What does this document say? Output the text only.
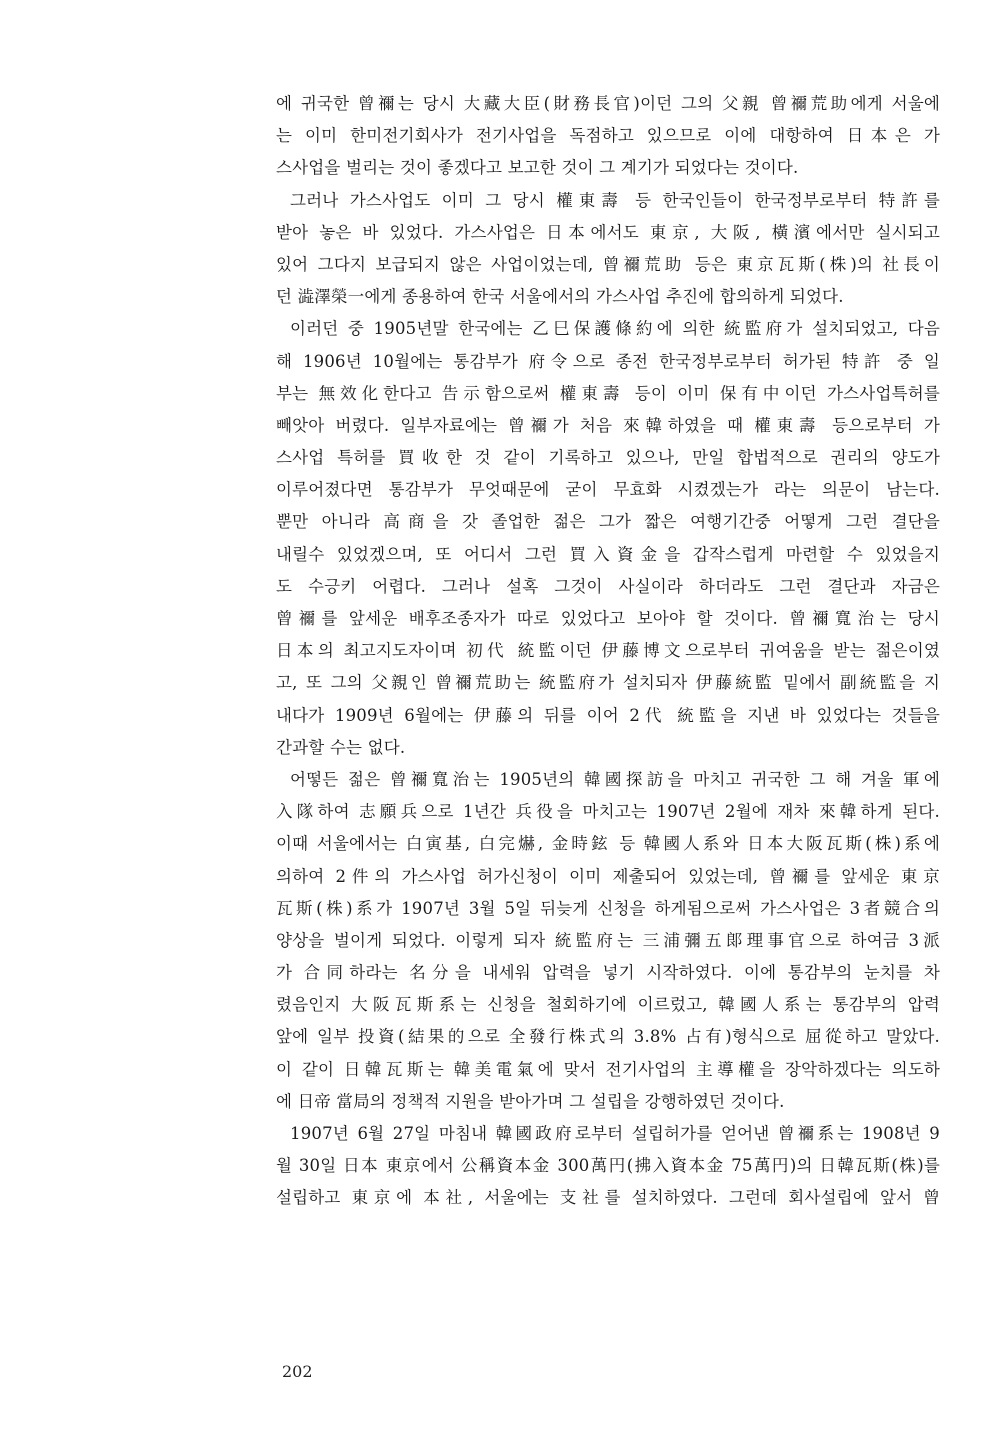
에 귀국한 曾禰는 당시 大藏大臣(財務長官)이던 그의 父親 曾禰荒助에게 서울에
는 이미 한미전기회사가 전기사업을 독점하고 있으므로 이에 대항하여 日本은 가
스사업을 벌리는 것이 좋겠다고 보고한 것이 그 계기가 되었다는 것이다.
그러나 가스사업도 이미 그 당시 權東壽 등 한국인들이 한국정부로부터 特許를
받아 놓은 바 있었다. 가스사업은 日本에서도 東京, 大阪, 橫濱에서만 실시되고
있어 그다지 보급되지 않은 사업이었는데, 曾禰荒助 등은 東京瓦斯(株)의 社長이
던 澁澤榮一에게 종용하여 한국 서울에서의 가스사업 추진에 합의하게 되었다.
이러던 중 1905년말 한국에는 乙巳保護條約에 의한 統監府가 설치되었고, 다음
해 1906년 10월에는 통감부가 府令으로 종전 한국정부로부터 허가된 特許 중 일
부는 無效化한다고 告示함으로써 權東壽 등이 이미 保有中이던 가스사업특허를
빼앗아 버렸다. 일부자료에는 曾禰가 처음 來韓하였을 때 權東壽 등으로부터 가
스사업 특허를 買收한 것 같이 기록하고 있으나, 만일 합법적으로 권리의 양도가
이루어졌다면 통감부가 무엇때문에 굳이 무효화 시켰겠는가 라는 의문이 남는다.
뿐만 아니라 高商을 갓 졸업한 젊은 그가 짧은 여행기간중 어떻게 그런 결단을
내릴수 있었겠으며, 또 어디서 그런 買入資金을 갑작스럽게 마련할 수 있었을지
도 수긍키 어렵다. 그러나 설혹 그것이 사실이라 하더라도 그런 결단과 자금은
曾禰를 앞세운 배후조종자가 따로 있었다고 보아야 할 것이다. 曾禰寬治는 당시
日本의 최고지도자이며 初代 統監이던 伊藤博文으로부터 귀여움을 받는 젊은이였
고, 또 그의 父親인 曾禰荒助는 統監府가 설치되자 伊藤統監 밑에서 副統監을 지
내다가 1909년 6월에는 伊藤의 뒤를 이어 2代 統監을 지낸 바 있었다는 것들을
간과할 수는 없다.
어떻든 젊은 曾禰寬治는 1905년의 韓國探訪을 마치고 귀국한 그 해 겨울 軍에
入隊하여 志願兵으로 1년간 兵役을 마치고는 1907년 2월에 재차 來韓하게 된다.
이때 서울에서는 白寅基, 白完爀, 金時鉉 등 韓國人系와 日本大阪瓦斯(株)系에
의하여 2件의 가스사업 허가신청이 이미 제출되어 있었는데, 曾禰를 앞세운 東京
瓦斯(株)系가 1907년 3월 5일 뒤늦게 신청을 하게됨으로써 가스사업은 3者競合의
양상을 벌이게 되었다. 이렇게 되자 統監府는 三浦彌五郞理事官으로 하여금 3派
가 合同하라는 名分을 내세워 압력을 넣기 시작하였다. 이에 통감부의 눈치를 차
렸음인지 大阪瓦斯系는 신청을 철회하기에 이르렀고, 韓國人系는 통감부의 압력
앞에 일부 投資(結果的으로 全發行株式의 3.8% 占有)형식으로 屈從하고 말았다.
이 같이 日韓瓦斯는 韓美電氣에 맞서 전기사업의 主導權을 장악하겠다는 의도하
에 日帝 當局의 정책적 지원을 받아가며 그 설립을 강행하였던 것이다.
1907년 6월 27일 마침내 韓國政府로부터 설립허가를 얻어낸 曾禰系는 1908년 9
월 30일 日本 東京에서 公稱資本金 300萬円(拂入資本金 75萬円)의 日韓瓦斯(株)를
설립하고 東京에 本社, 서울에는 支社를 설치하였다. 그런데 회사설립에 앞서 曾
202
